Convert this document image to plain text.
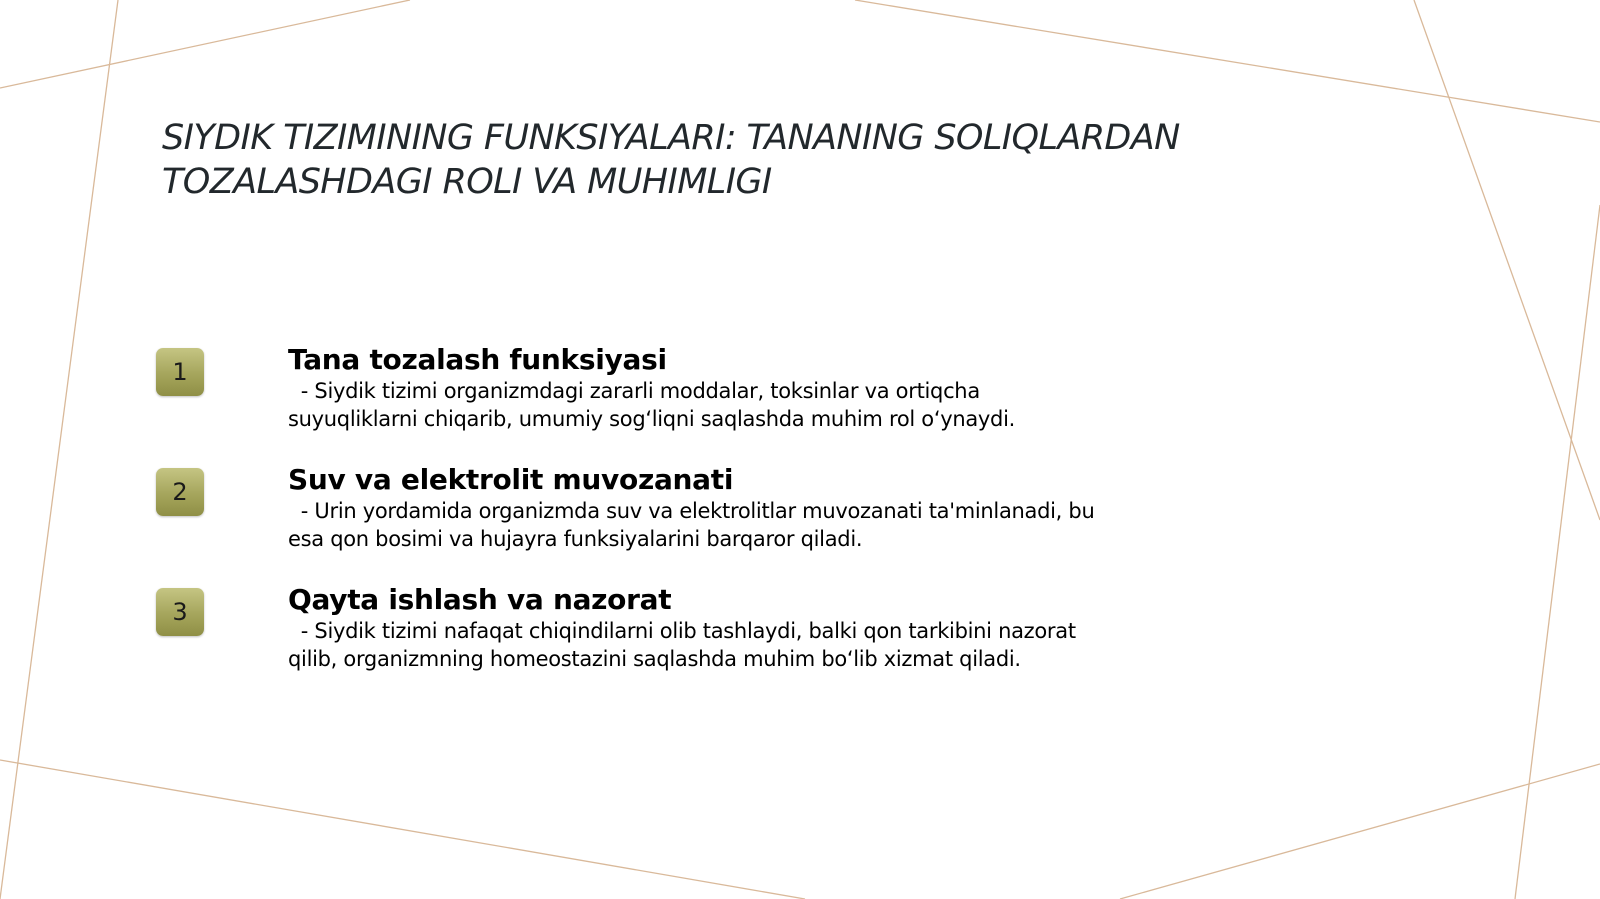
SIYDIK TIZIMINING FUNKSIYALARI: TANANING SOLIQLARDAN TOZALASHDAGI ROLI VA MUHIMLIGI
1	Tana tozalash funksiyasi

- Siydik tizimi organizmdagi zararli moddalar, toksinlar va ortiqcha suyuqliklarni chiqarib, umumiy sog‘liqni saqlashda muhim rol o‘ynaydi.

2	Suv va elektrolit muvozanati

- Urin yordamida organizmda suv va elektrolitlar muvozanati ta'minlanadi, bu esa qon bosimi va hujayra funksiyalarini barqaror qiladi.

3	Qayta ishlash va nazorat

- Siydik tizimi nafaqat chiqindilarni olib tashlaydi, balki qon tarkibini nazorat qilib, organizmning homeostazini saqlashda muhim bo‘lib xizmat qiladi.
